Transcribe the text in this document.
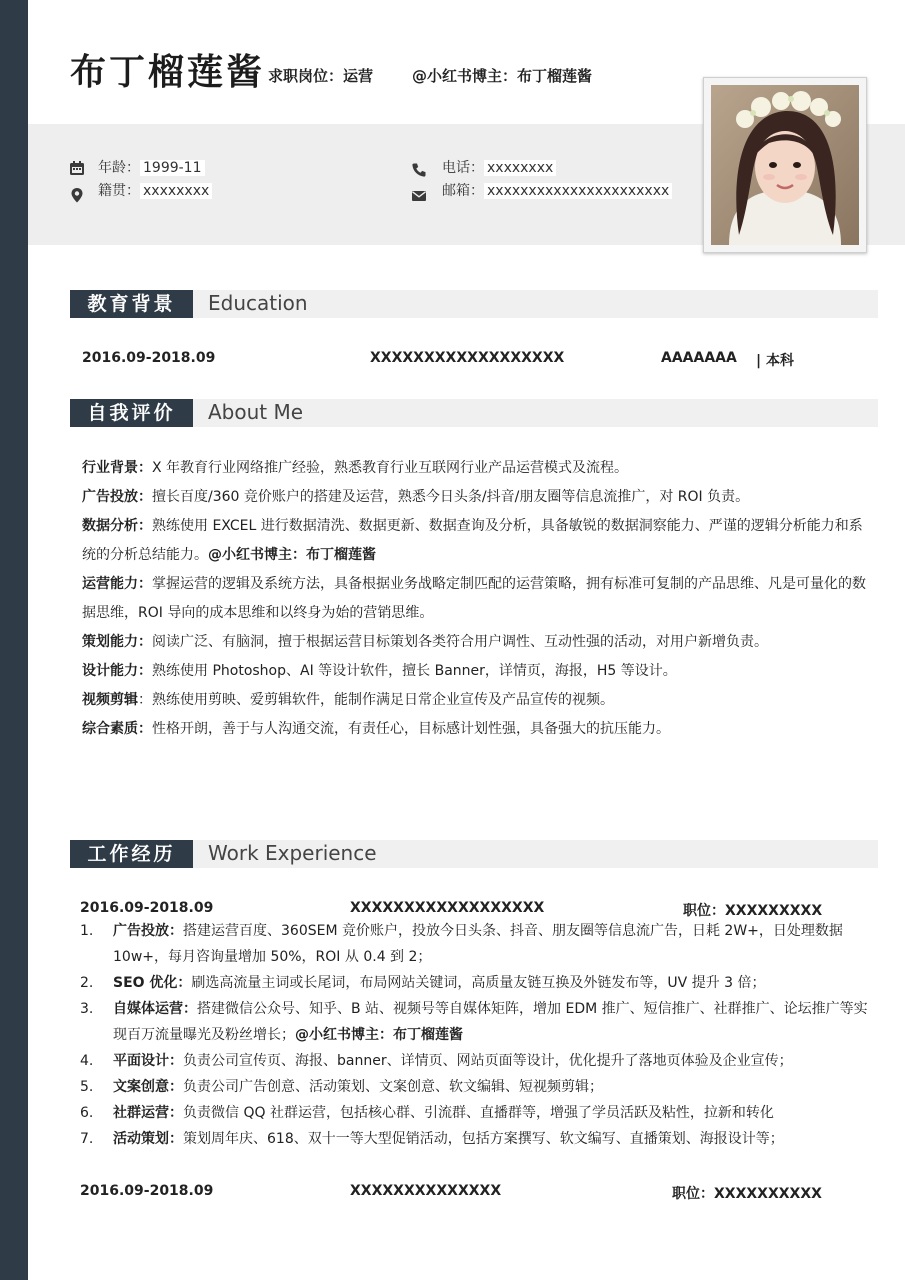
布丁榴莲酱 求职岗位：运营	@小红书博主：布丁榴莲酱
年龄： 1999-11
籍贯： xxxxxxxx
电话： xxxxxxxx
邮箱： xxxxxxxxxxxxxxxxxxxxxx
教育背景	Education
2016.09-2018.09	XXXXXXXXXXXXXXXXXX	AAAAAAA | 本科
自我评价	About Me

行业背景：X 年教育行业网络推广经验，熟悉教育行业互联网行业产品运营模式及流程。

广告投放：擅长百度/360 竞价账户的搭建及运营，熟悉今日头条/抖音/朋友圈等信息流推广，对 ROI 负责。

数据分析：熟练使用 EXCEL 进行数据清洗、数据更新、数据查询及分析，具备敏锐的数据洞察能力、严谨的逻辑分析能力和系统的分析总结能力。@小红书博主：布丁榴莲酱

运营能力：掌握运营的逻辑及系统方法，具备根据业务战略定制匹配的运营策略，拥有标准可复制的产品思维、凡是可量化的数据思维，ROI 导向的成本思维和以终身为始的营销思维。

策划能力：阅读广泛、有脑洞，擅于根据运营目标策划各类符合用户调性、互动性强的活动，对用户新增负责。

设计能力：熟练使用 Photoshop、AI 等设计软件，擅长 Banner，详情页，海报，H5 等设计。

视频剪辑：熟练使用剪映、爱剪辑软件，能制作满足日常企业宣传及产品宣传的视频。

综合素质：性格开朗，善于与人沟通交流，有责任心，目标感计划性强，具备强大的抗压能力。

工作经历	Work Experience
2016.09-2018.09	XXXXXXXXXXXXXXXXXX	职位：XXXXXXXXX
1. 广告投放：搭建运营百度、360SEM 竞价账户，投放今日头条、抖音、朋友圈等信息流广告，日耗 2W+，日处理数据 10w+，每月咨询量增加 50%，ROI 从 0.4 到 2；
2. SEO 优化：刷选高流量主词或长尾词，布局网站关键词，高质量友链互换及外链发布等，UV 提升 3 倍；
3. 自媒体运营：搭建微信公众号、知乎、B 站、视频号等自媒体矩阵，增加 EDM 推广、短信推广、社群推广、论坛推广等实现百万流量曝光及粉丝增长；@小红书博主：布丁榴莲酱
4. 平面设计：负责公司宣传页、海报、banner、详情页、网站页面等设计，优化提升了落地页体验及企业宣传；
5. 文案创意：负责公司广告创意、活动策划、文案创意、软文编辑、短视频剪辑；
6. 社群运营：负责微信 QQ 社群运营，包括核心群、引流群、直播群等，增强了学员活跃及粘性，拉新和转化
7. 活动策划：策划周年庆、618、双十一等大型促销活动，包括方案撰写、软文编写、直播策划、海报设计等；
2016.09-2018.09	XXXXXXXXXXXXXX	职位：XXXXXXXXXX
